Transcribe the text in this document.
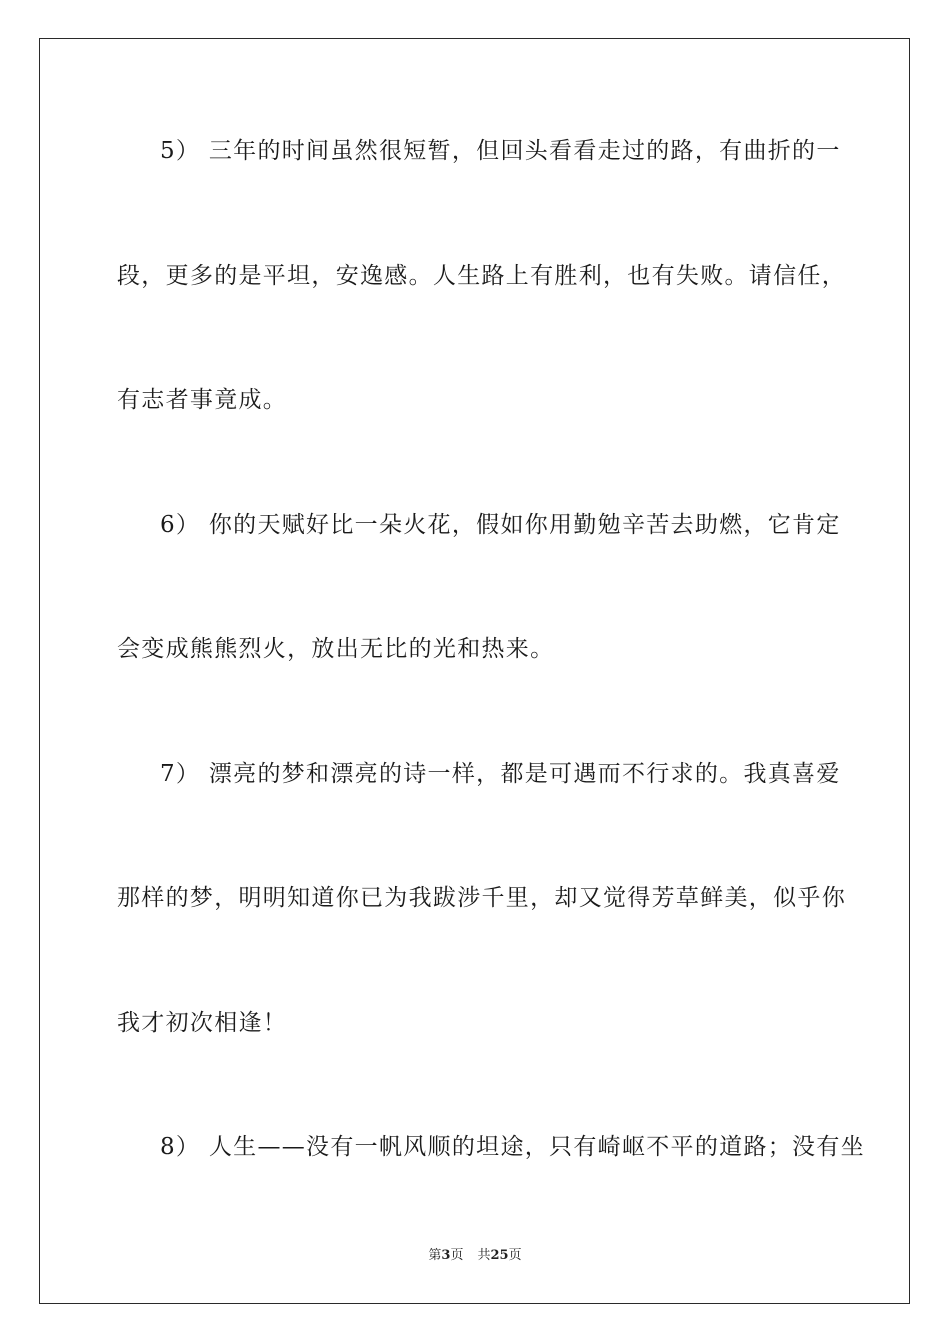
5） 三年的时间虽然很短暂，但回头看看走过的路，有曲折的一
段，更多的是平坦，安逸感。人生路上有胜利，也有失败。请信任，
有志者事竟成。
6） 你的天赋好比一朵火花，假如你用勤勉辛苦去助燃，它肯定
会变成熊熊烈火，放出无比的光和热来。
7） 漂亮的梦和漂亮的诗一样，都是可遇而不行求的。我真喜爱
那样的梦，明明知道你已为我跋涉千里，却又觉得芳草鲜美，似乎你
我才初次相逢！
8） 人生——没有一帆风顺的坦途，只有崎岖不平的道路；没有坐
第3页 共25页
